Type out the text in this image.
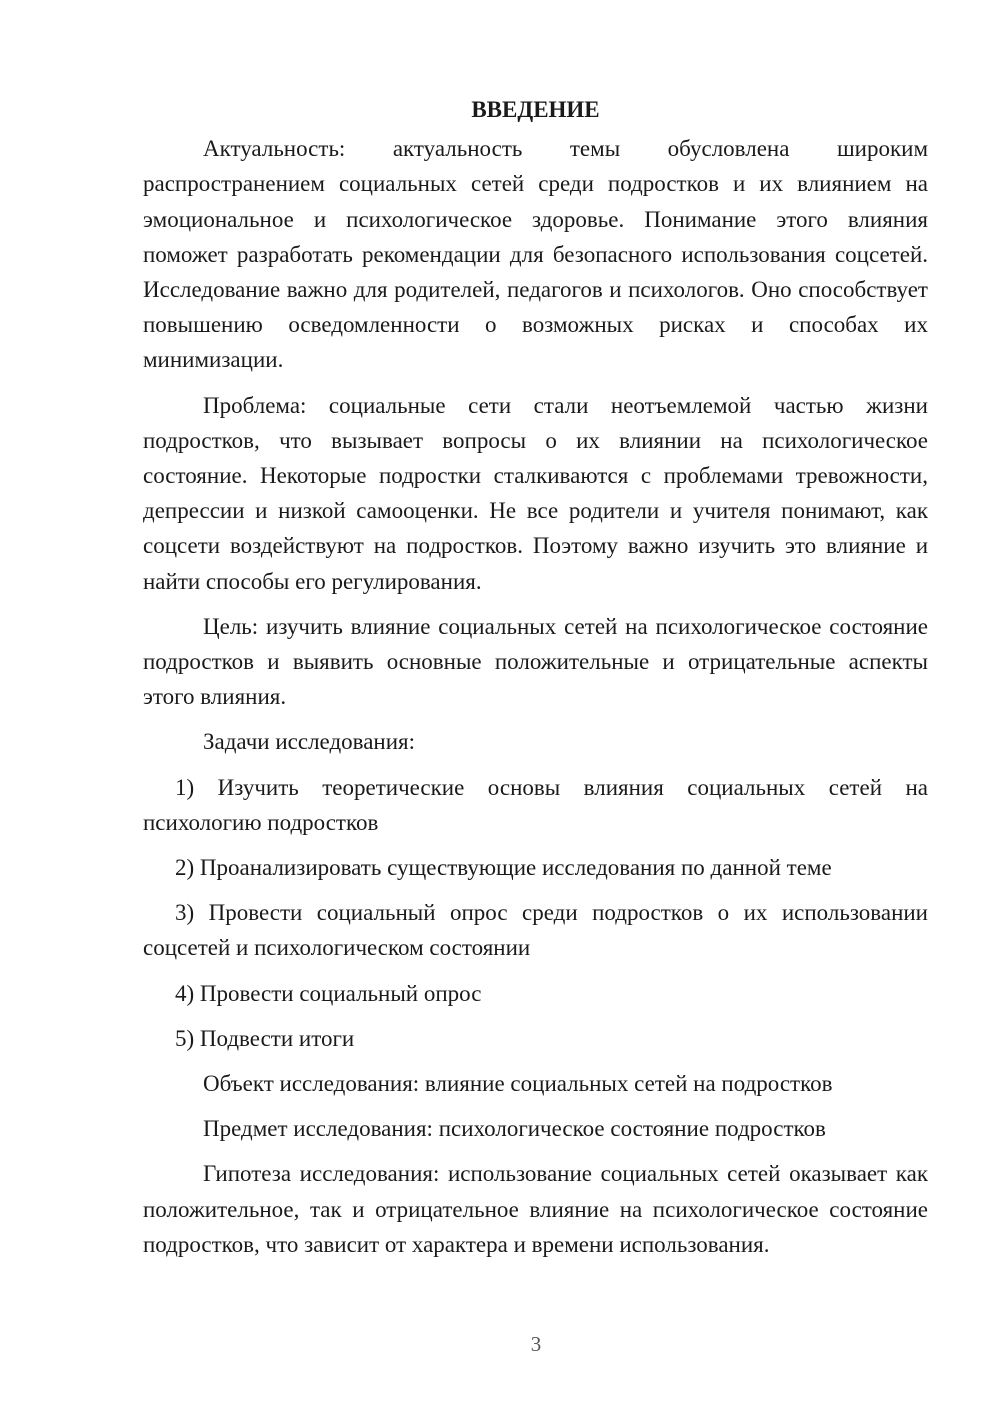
ВВЕДЕНИЕ

Актуальность: актуальность темы обусловлена широким распространением социальных сетей среди подростков и их влиянием на эмоциональное и психологическое здоровье. Понимание этого влияния поможет разработать рекомендации для безопасного использования соцсетей. Исследование важно для родителей, педагогов и психологов. Оно способствует повышению осведомленности о возможных рисках и способах их минимизации.

Проблема: социальные сети стали неотъемлемой частью жизни подростков, что вызывает вопросы о их влиянии на психологическое состояние. Некоторые подростки сталкиваются с проблемами тревожности, депрессии и низкой самооценки. Не все родители и учителя понимают, как соцсети воздействуют на подростков. Поэтому важно изучить это влияние и найти способы его регулирования.

Цель: изучить влияние социальных сетей на психологическое состояние подростков и выявить основные положительные и отрицательные аспекты этого влияния.

Задачи исследования:

1) Изучить теоретические основы влияния социальных сетей на психологию подростков

2) Проанализировать существующие исследования по данной теме

3) Провести социальный опрос среди подростков о их использовании соцсетей и психологическом состоянии

4) Провести социальный опрос

5) Подвести итоги

Объект исследования: влияние социальных сетей на подростков

Предмет исследования: психологическое состояние подростков

Гипотеза исследования: использование социальных сетей оказывает как положительное, так и отрицательное влияние на психологическое состояние подростков, что зависит от характера и времени использования.

3
